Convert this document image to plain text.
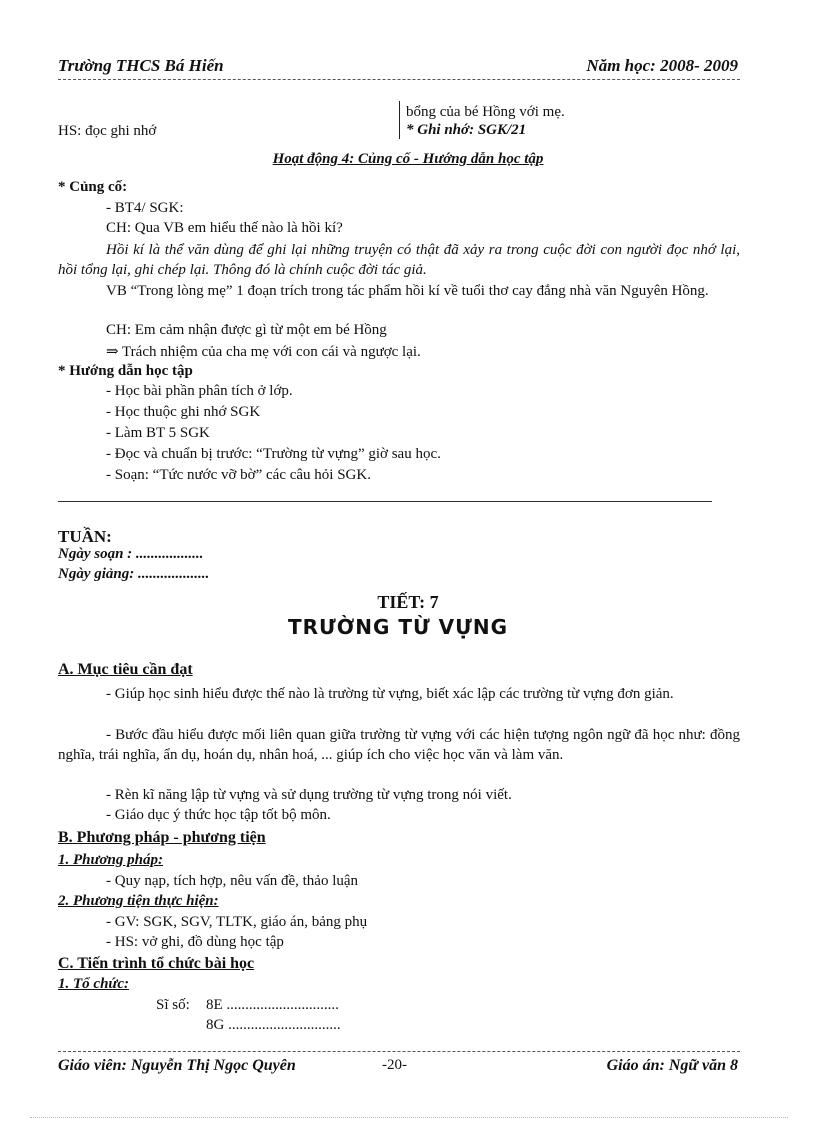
Trường THCS Bá Hiến	Năm học: 2008- 2009
bổng của bé Hồng với mẹ.
HS: đọc ghi nhớ	* Ghi nhớ: SGK/21
Hoạt động 4: Củng cố - Hướng dẫn học tập
* Củng cố:
- BT4/ SGK:
CH: Qua VB em hiểu thế nào là hồi kí?
Hồi kí là thể văn dùng để ghi lại những truyện có thật đã xảy ra trong cuộc đời con người đọc nhớ lại, hồi tổng lại, ghi chép lại. Thông đó là chính cuộc đời tác giả.
VB “Trong lòng mẹ” 1 đoạn trích trong tác phẩm hồi kí về tuổi thơ cay đắng nhà văn Nguyên Hồng.
CH: Em cảm nhận được gì từ một em bé Hồng
⇒ Trách nhiệm của cha mẹ với con cái và ngược lại.
* Hướng dẫn học tập
- Học bài phần phân tích ở lớp.
- Học thuộc ghi nhớ SGK
- Làm BT 5 SGK
- Đọc và chuẩn bị trước: “Trường từ vựng” giờ sau học.
- Soạn: “Tức nước vỡ bờ” các câu hỏi SGK.
TUẦN:
Ngày soạn : ..................
Ngày giảng: ...................
TIẾT: 7
TRƯỜNG TỪ VỰNG
A. Mục tiêu cần đạt
- Giúp học sinh hiểu được thế nào là trường từ vựng, biết xác lập các trường từ vựng đơn giản.
- Bước đầu hiểu được mối liên quan giữa trường từ vựng với các hiện tượng ngôn ngữ đã học như: đồng nghĩa, trái nghĩa, ẩn dụ, hoán dụ, nhân hoá, ... giúp ích cho việc học văn và làm văn.
- Rèn kĩ năng lập từ vựng và sử dụng trường từ vựng trong nói viết.
- Giáo dục ý thức học tập tốt bộ môn.
B. Phương pháp - phương tiện
1. Phương pháp:
- Quy nạp, tích hợp, nêu vấn đề, thảo luận
2. Phương tiện thực hiện:
- GV: SGK, SGV, TLTK, giáo án, bảng phụ
- HS: vở ghi, đồ dùng học tập
C. Tiến trình tổ chức bài học
1. Tổ chức:
Sĩ số: 8E ..............................
8G ..............................
Giáo viên: Nguyễn Thị Ngọc Quyên	-20-	Giáo án: Ngữ văn 8
